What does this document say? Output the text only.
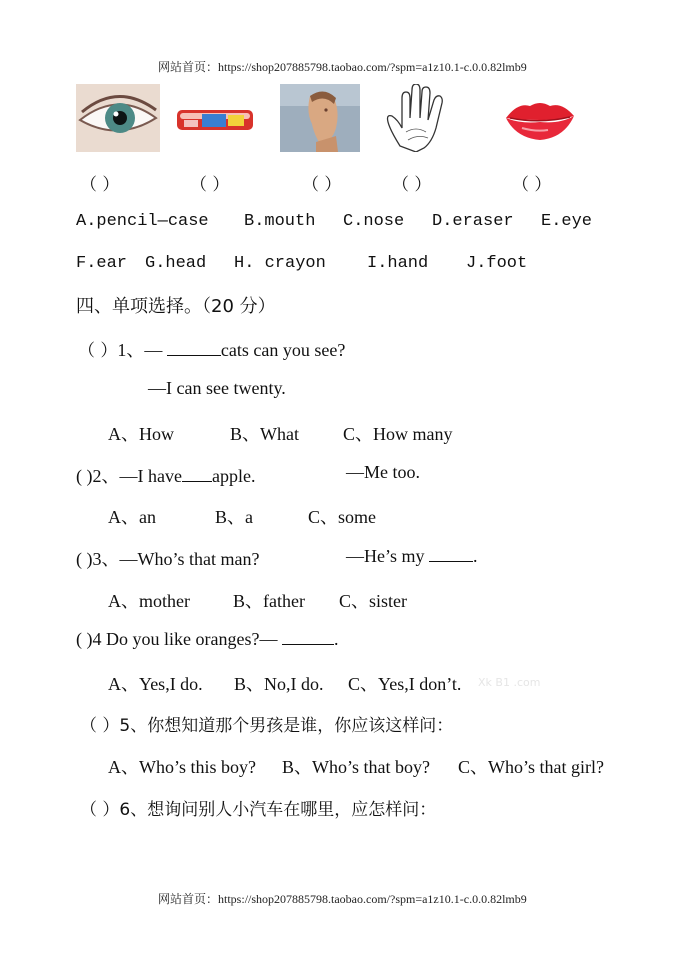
网站首页：https://shop207885798.taobao.com/?spm=a1z10.1-c.0.0.82lmb9
（ ）	（ ）	（ ）	（ ）	（ ）
A.pencil—case B.mouth C.nose D.eraser E.eye
F.ear G.head H. crayon I.hand J.foot
四、单项选择。（20 分）
（ ）1、—	cats can you see?
—I can see twenty.
A、How	B、What C、How many
( )2、—I have apple.	—Me too.
A、an	B、a	C、some
( )3、—Who’s that man?	—He’s my	.
A、mother B、father C、sister
( )4 Do you like oranges?—	.
A、Yes,I do. B、No,I do. C、Yes,I don’t. Xk B1 .com
（ ）5、你想知道那个男孩是谁，你应该这样问：
A、Who’s this boy? B、Who’s that boy? C、Who’s that girl?
（ ）6、想询问别人小汽车在哪里，应怎样问：
网站首页：https://shop207885798.taobao.com/?spm=a1z10.1-c.0.0.82lmb9
